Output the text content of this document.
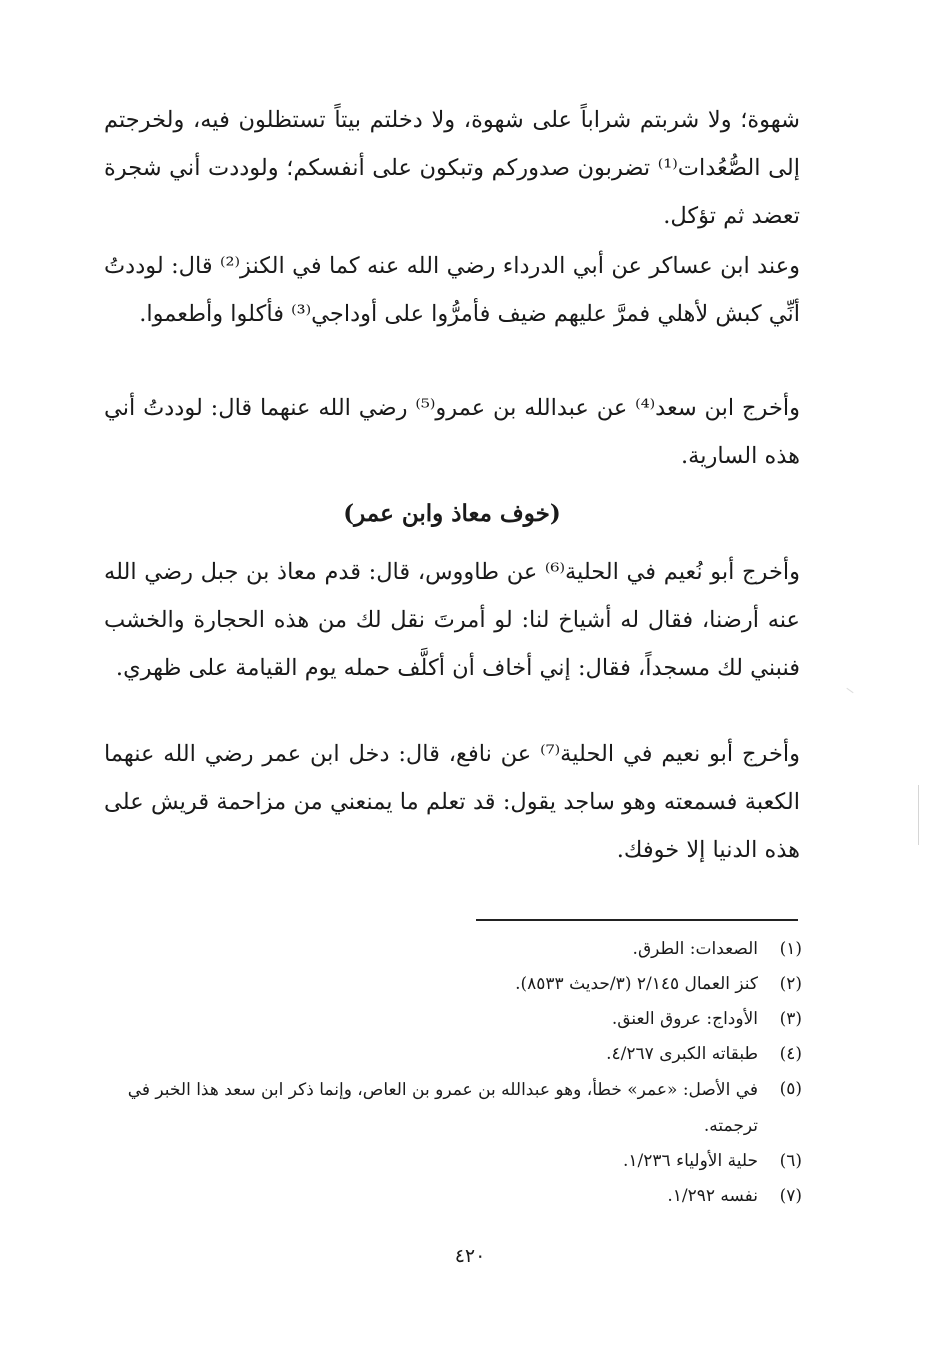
شهوة؛ ولا شربتم شراباً على شهوة، ولا دخلتم بيتاً تستظلون فيه، ولخرجتم إلى الصُّعُدات⁽¹⁾ تضربون صدوركم وتبكون على أنفسكم؛ ولوددت أني شجرة تعضد ثم تؤكل.
وعند ابن عساكر عن أبي الدرداء رضي الله عنه كما في الكنز⁽²⁾ قال: لوددتُ أنِّي كبش لأهلي فمرَّ عليهم ضيف فأمرُّوا على أوداجي⁽³⁾ فأكلوا وأطعموا.
وأخرج ابن سعد⁽⁴⁾ عن عبدالله بن عمرو⁽⁵⁾ رضي الله عنهما قال: لوددتُ أني هذه السارية.
(خوف معاذ وابن عمر)
وأخرج أبو نُعيم في الحلية⁽⁶⁾ عن طاووس، قال: قدم معاذ بن جبل رضي الله عنه أرضنا، فقال له أشياخ لنا: لو أمرتَ نقل لك من هذه الحجارة والخشب فنبني لك مسجداً، فقال: إني أخاف أن أكلَّف حمله يوم القيامة على ظهري.
وأخرج أبو نعيم في الحلية⁽⁷⁾ عن نافع، قال: دخل ابن عمر رضي الله عنهما الكعبة فسمعته وهو ساجد يقول: قد تعلم ما يمنعني من مزاحمة قريش على هذه الدنيا إلا خوفك.
(١)
الصعدات: الطرق.
(٢)
كنز العمال ٢/١٤٥ (٣/حديث ٨٥٣٣).
(٣)
الأوداج: عروق العنق.
(٤)
طبقاته الكبرى ٤/٢٦٧.
(٥)
في الأصل: «عمر» خطأ، وهو عبدالله بن عمرو بن العاص، وإنما ذكر ابن سعد هذا الخبر في ترجمته.
(٦)
حلية الأولياء ١/٢٣٦.
(٧)
نفسه ١/٢٩٢.
٤٢٠
